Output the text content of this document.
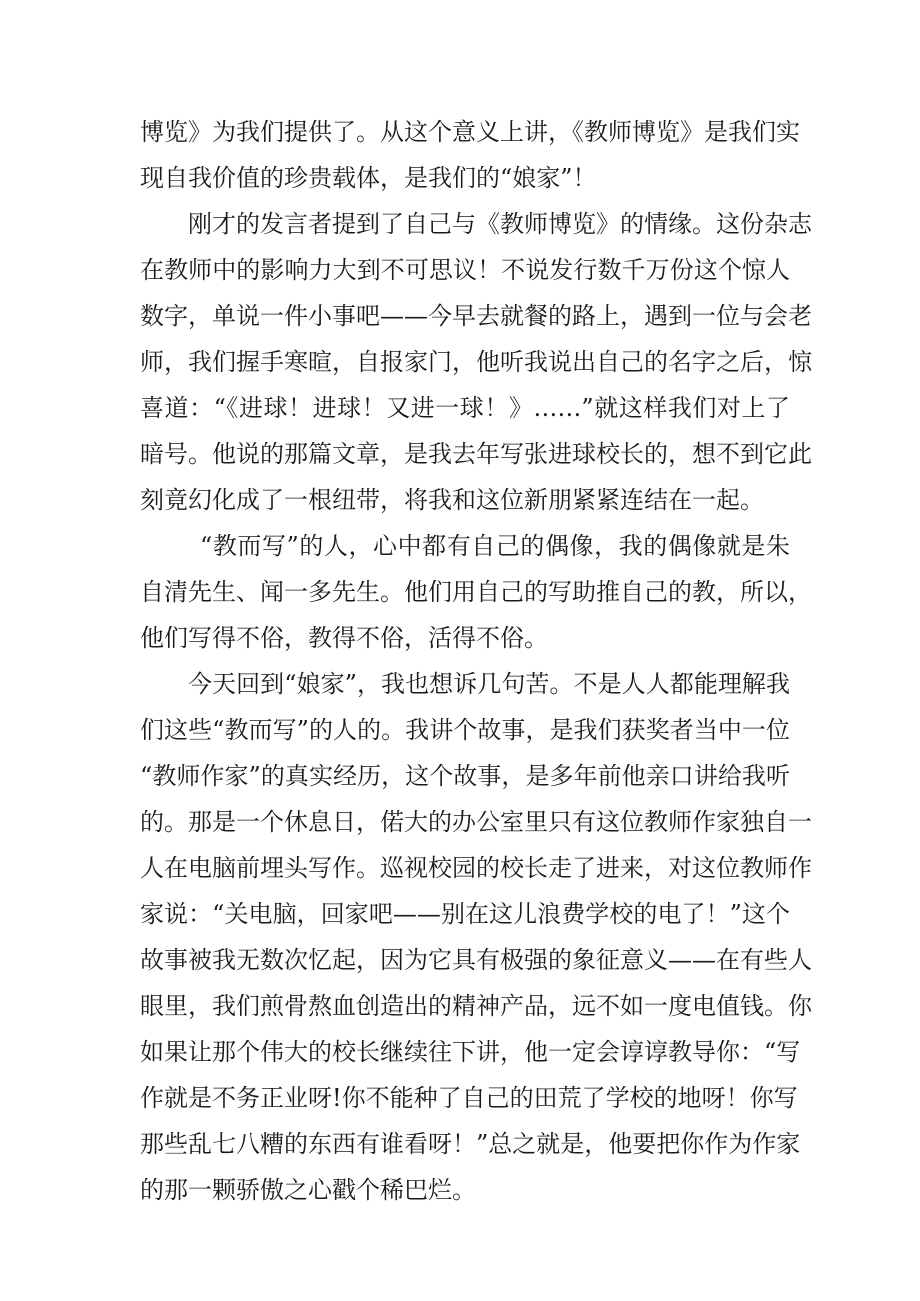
博览》为我们提供了。从这个意义上讲，《教师博览》是我们实
现自我价值的珍贵载体，是我们的“娘家”！
刚才的发言者提到了自己与《教师博览》的情缘。这份杂志
在教师中的影响力大到不可思议！不说发行数千万份这个惊人
数字，单说一件小事吧——今早去就餐的路上，遇到一位与会老
师，我们握手寒暄，自报家门，他听我说出自己的名字之后，惊
喜道：“《进球！进球！又进一球！》……”就这样我们对上了
暗号。他说的那篇文章，是我去年写张进球校长的，想不到它此
刻竟幻化成了一根纽带，将我和这位新朋紧紧连结在一起。
“教而写”的人，心中都有自己的偶像，我的偶像就是朱
自清先生、闻一多先生。他们用自己的写助推自己的教，所以，
他们写得不俗，教得不俗，活得不俗。
今天回到“娘家”，我也想诉几句苦。不是人人都能理解我
们这些“教而写”的人的。我讲个故事，是我们获奖者当中一位
“教师作家”的真实经历，这个故事，是多年前他亲口讲给我听
的。那是一个休息日，偌大的办公室里只有这位教师作家独自一
人在电脑前埋头写作。巡视校园的校长走了进来，对这位教师作
家说：“关电脑，回家吧——别在这儿浪费学校的电了！”这个
故事被我无数次忆起，因为它具有极强的象征意义——在有些人
眼里，我们煎骨熬血创造出的精神产品，远不如一度电值钱。你
如果让那个伟大的校长继续往下讲，他一定会谆谆教导你：“写
作就是不务正业呀!你不能种了自己的田荒了学校的地呀！你写
那些乱七八糟的东西有谁看呀！”总之就是，他要把你作为作家
的那一颗骄傲之心戳个稀巴烂。
